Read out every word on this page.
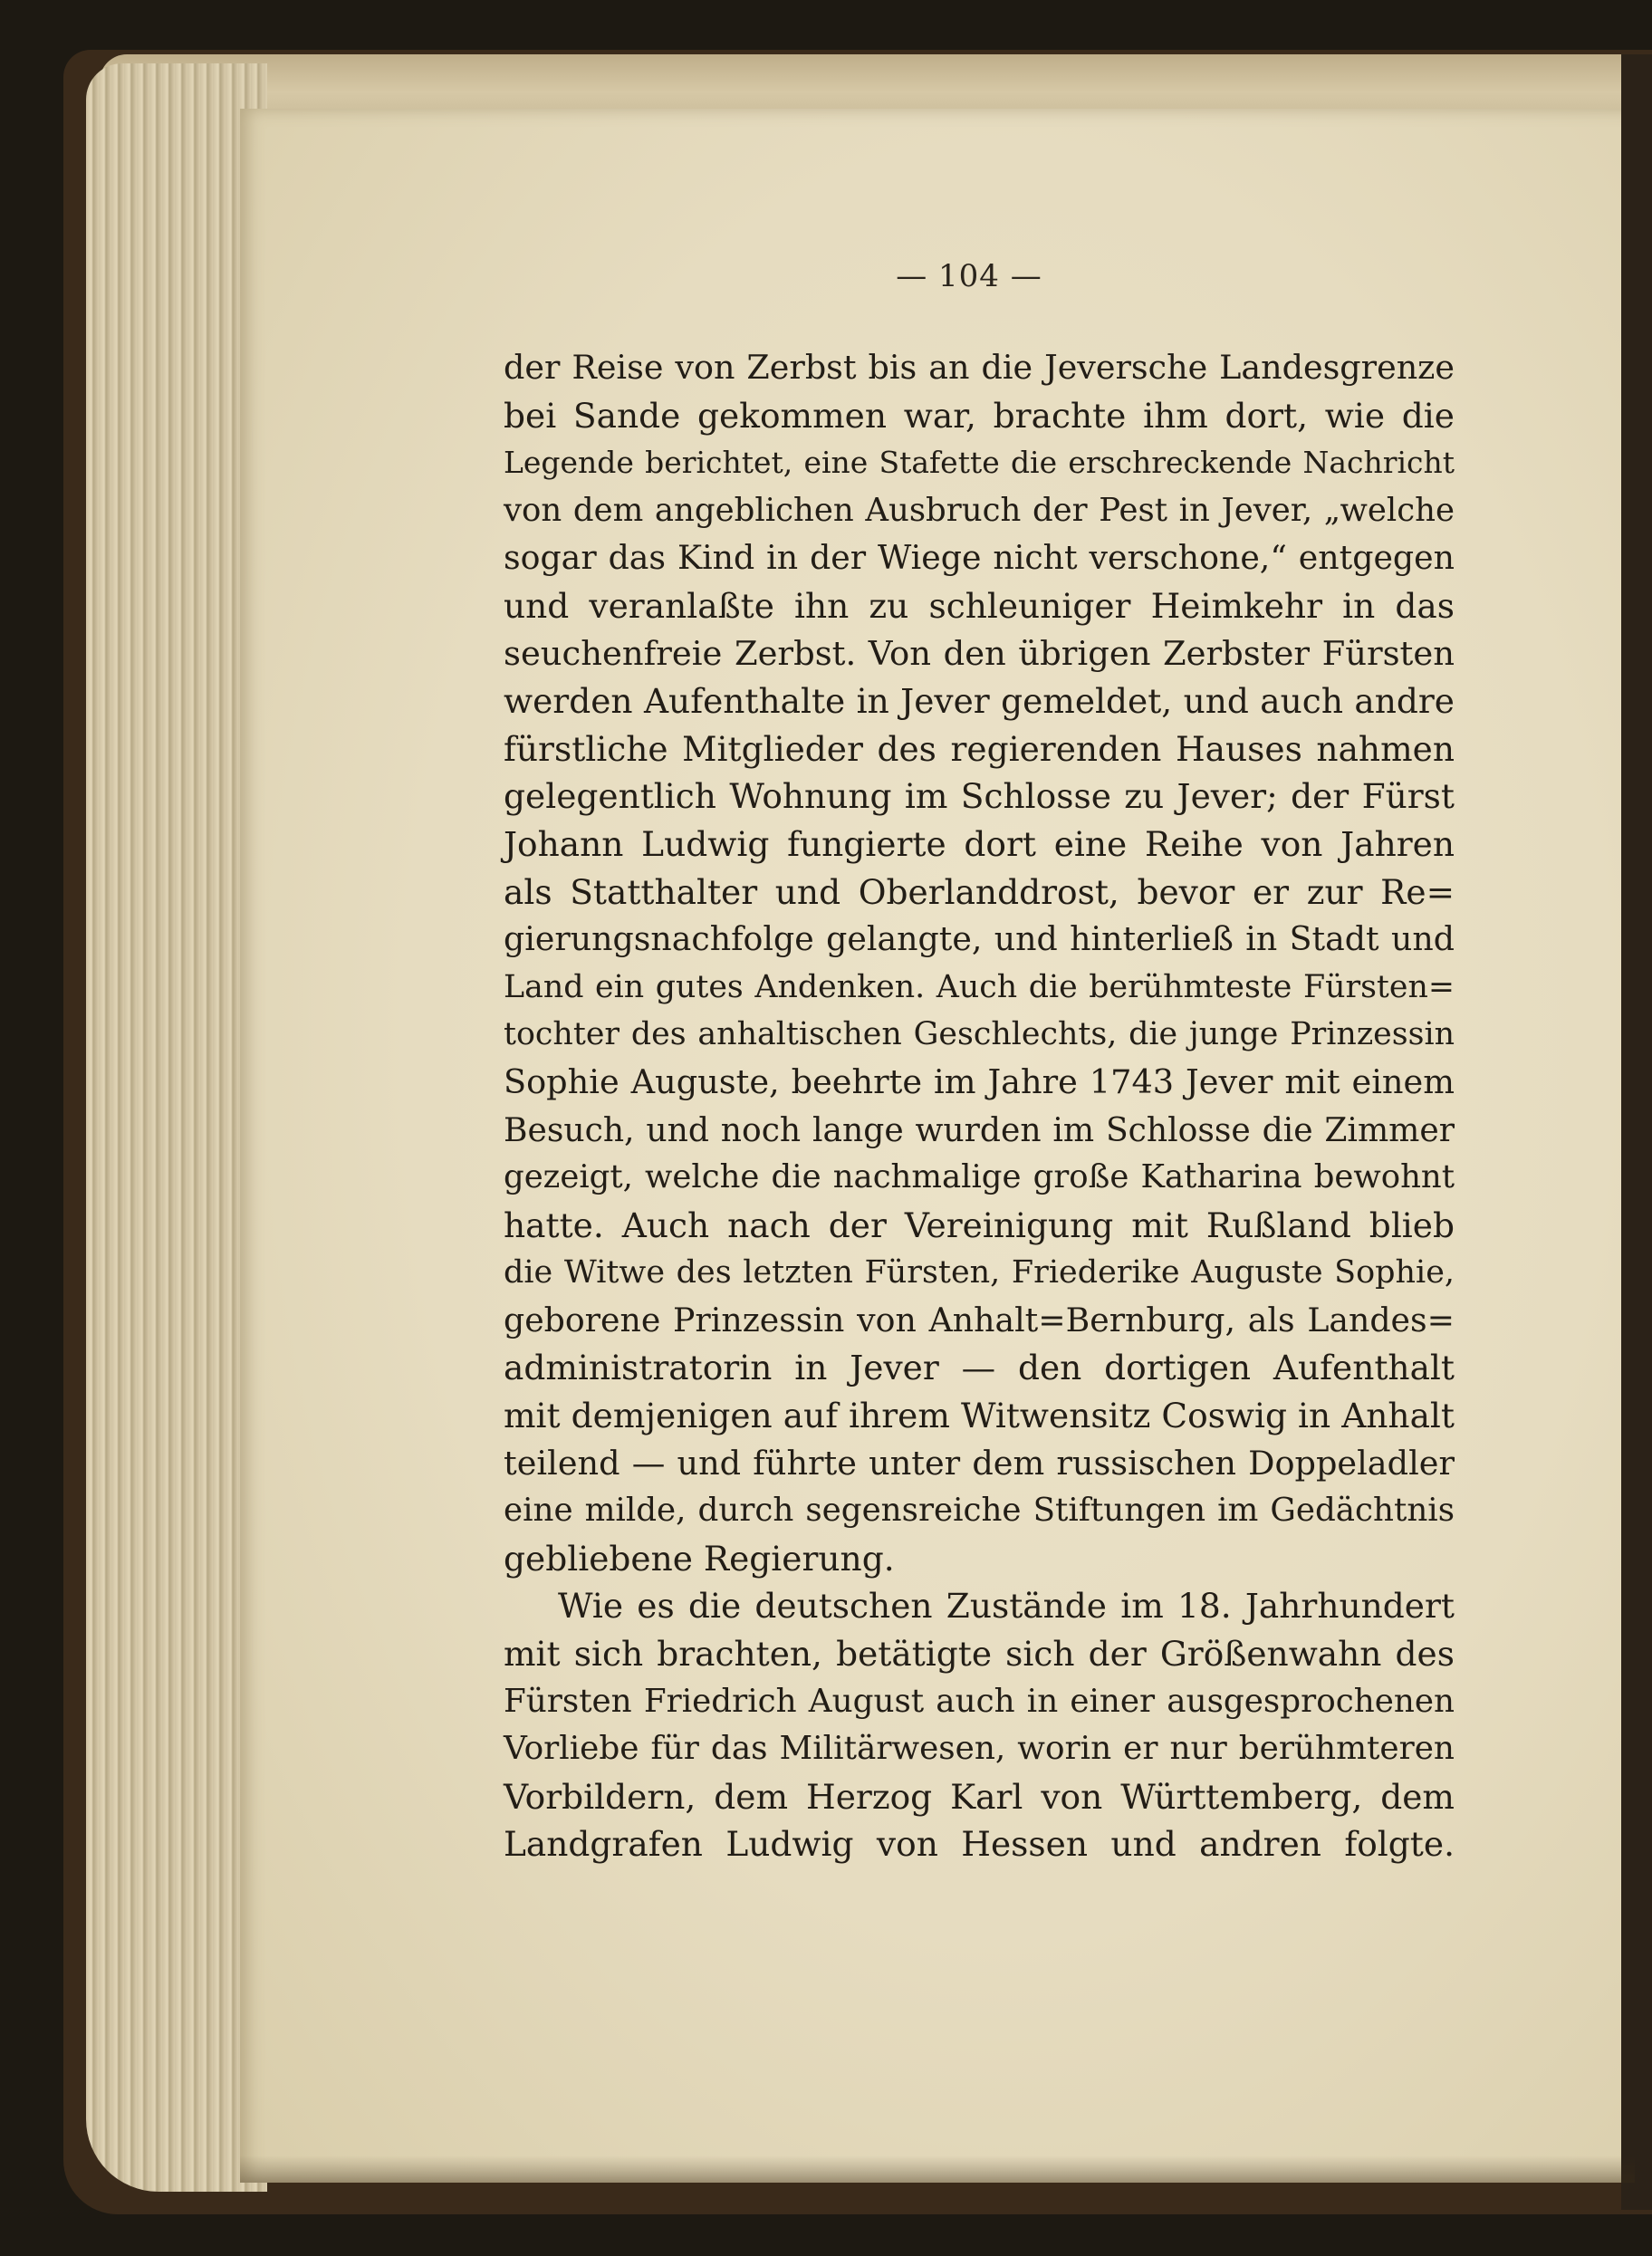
— 104 —
der Reise von Zerbst bis an die Jeversche Landesgrenze
bei Sande gekommen war, brachte ihm dort, wie die
Legende berichtet, eine Stafette die erschreckende Nachricht
von dem angeblichen Ausbruch der Pest in Jever, „welche
sogar das Kind in der Wiege nicht verschone,“ entgegen
und veranlaßte ihn zu schleuniger Heimkehr in das
seuchenfreie Zerbst. Von den übrigen Zerbster Fürsten
werden Aufenthalte in Jever gemeldet, und auch andre
fürstliche Mitglieder des regierenden Hauses nahmen
gelegentlich Wohnung im Schlosse zu Jever; der Fürst
Johann Ludwig fungierte dort eine Reihe von Jahren
als Statthalter und Oberlanddrost, bevor er zur Re=
gierungsnachfolge gelangte, und hinterließ in Stadt und
Land ein gutes Andenken. Auch die berühmteste Fürsten=
tochter des anhaltischen Geschlechts, die junge Prinzessin
Sophie Auguste, beehrte im Jahre 1743 Jever mit einem
Besuch, und noch lange wurden im Schlosse die Zimmer
gezeigt, welche die nachmalige große Katharina bewohnt
hatte. Auch nach der Vereinigung mit Rußland blieb
die Witwe des letzten Fürsten, Friederike Auguste Sophie,
geborene Prinzessin von Anhalt=Bernburg, als Landes=
administratorin in Jever — den dortigen Aufenthalt
mit demjenigen auf ihrem Witwensitz Coswig in Anhalt
teilend — und führte unter dem russischen Doppeladler
eine milde, durch segensreiche Stiftungen im Gedächtnis
gebliebene Regierung.
Wie es die deutschen Zustände im 18. Jahrhundert
mit sich brachten, betätigte sich der Größenwahn des
Fürsten Friedrich August auch in einer ausgesprochenen
Vorliebe für das Militärwesen, worin er nur berühmteren
Vorbildern, dem Herzog Karl von Württemberg, dem
Landgrafen Ludwig von Hessen und andren folgte.
